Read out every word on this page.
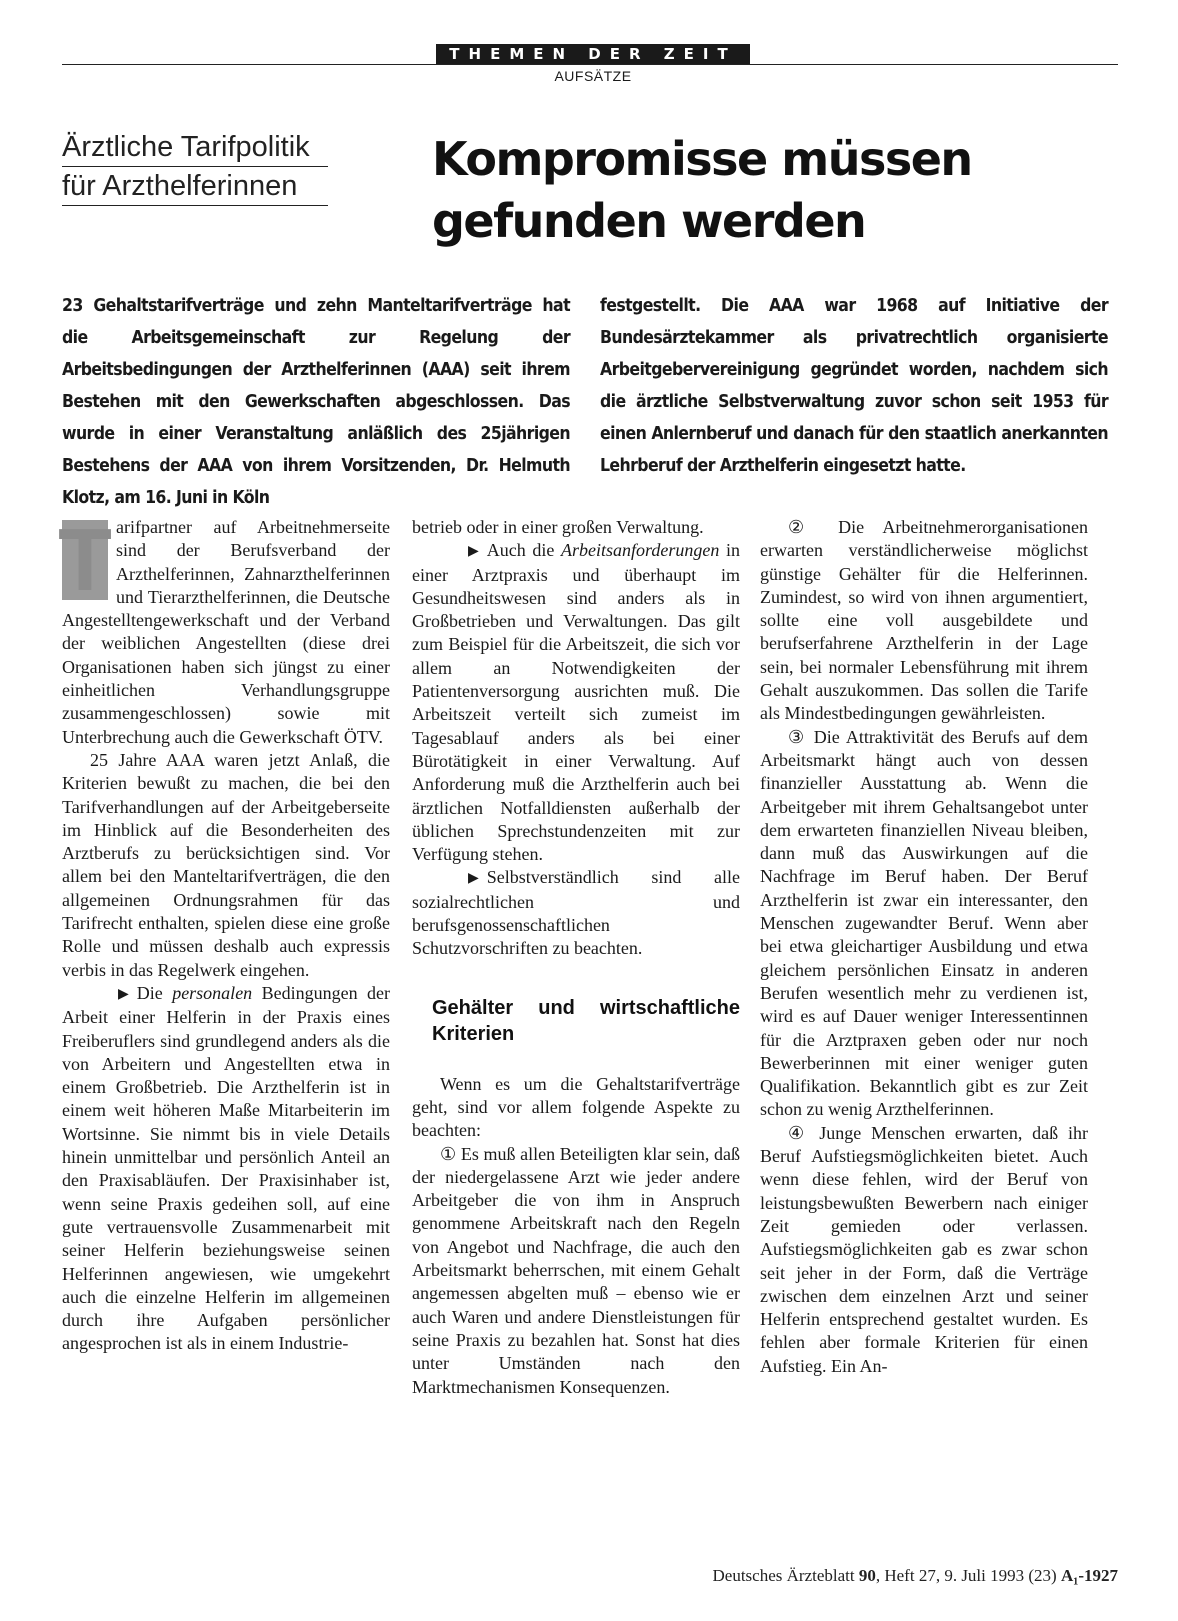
THEMEN DER ZEIT
AUFSÄTZE
Ärztliche Tarifpolitik
für Arzthelferinnen	Kompromisse müssen
gefunden werden

23 Gehaltstarifverträge und zehn Manteltarifverträge hat die Arbeitsgemeinschaft zur Regelung der Arbeitsbedingungen der Arzthelferinnen (AAA) seit ihrem Bestehen mit den Gewerkschaften abgeschlossen. Das wurde in einer Veranstaltung anläßlich des 25jährigen Bestehens der AAA von ihrem Vorsitzenden, Dr. Helmuth Klotz, am 16. Juni in Köln

festgestellt. Die AAA war 1968 auf Initiative der Bundesärztekammer als privatrechtlich organisierte Arbeitgebervereinigung gegründet worden, nachdem sich die ärztliche Selbstverwaltung zuvor schon seit 1953 für einen Anlernberuf und danach für den staatlich anerkannten Lehrberuf der Arzthelferin eingesetzt hatte.

T arifpartner auf Arbeitnehmerseite sind der Berufsverband der Arzthelferinnen, Zahnarzthelferinnen und Tierarzthelferinnen, die Deutsche Angestelltengewerkschaft und der Verband der weiblichen Angestellten (diese drei Organisationen haben sich jüngst zu einer einheitlichen Verhandlungsgruppe zusammengeschlossen) sowie mit Unterbrechung auch die Gewerkschaft ÖTV.

25 Jahre AAA waren jetzt Anlaß, die Kriterien bewußt zu machen, die bei den Tarifverhandlungen auf der Arbeitgeberseite im Hinblick auf die Besonderheiten des Arztberufs zu berücksichtigen sind. Vor allem bei den Manteltarifverträgen, die den allgemeinen Ordnungsrahmen für das Tarifrecht enthalten, spielen diese eine große Rolle und müssen deshalb auch expressis verbis in das Regelwerk eingehen.

▶ Die personalen Bedingungen der Arbeit einer Helferin in der Praxis eines Freiberuflers sind grundlegend anders als die von Arbeitern und Angestellten etwa in einem Großbetrieb. Die Arzthelferin ist in einem weit höheren Maße Mitarbeiterin im Wortsinne. Sie nimmt bis in viele Details hinein unmittelbar und persönlich Anteil an den Praxisabläufen. Der Praxisinhaber ist, wenn seine Praxis gedeihen soll, auf eine gute vertrauensvolle Zusammenarbeit mit seiner Helferin beziehungsweise seinen Helferinnen angewiesen, wie umgekehrt auch die einzelne Helferin im allgemeinen durch ihre Aufgaben persönlicher angesprochen ist als in einem Industrie-

betrieb oder in einer großen Verwaltung.

▶ Auch die Arbeitsanforderungen in einer Arztpraxis und überhaupt im Gesundheitswesen sind anders als in Großbetrieben und Verwaltungen. Das gilt zum Beispiel für die Arbeitszeit, die sich vor allem an Notwendigkeiten der Patientenversorgung ausrichten muß. Die Arbeitszeit verteilt sich zumeist im Tagesablauf anders als bei einer Bürotätigkeit in einer Verwaltung. Auf Anforderung muß die Arzthelferin auch bei ärztlichen Notfalldiensten außerhalb der üblichen Sprechstundenzeiten mit zur Verfügung stehen.

▶ Selbstverständlich sind alle sozialrechtlichen und berufsgenossenschaftlichen Schutzvorschriften zu beachten.

Gehälter und wirtschaftliche Kriterien

Wenn es um die Gehaltstarifverträge geht, sind vor allem folgende Aspekte zu beachten:

① Es muß allen Beteiligten klar sein, daß der niedergelassene Arzt wie jeder andere Arbeitgeber die von ihm in Anspruch genommene Arbeitskraft nach den Regeln von Angebot und Nachfrage, die auch den Arbeitsmarkt beherrschen, mit einem Gehalt angemessen abgelten muß – ebenso wie er auch Waren und andere Dienstleistungen für seine Praxis zu bezahlen hat. Sonst hat dies unter Umständen nach den Marktmechanismen Konsequenzen.

② Die Arbeitnehmerorganisationen erwarten verständlicherweise möglichst günstige Gehälter für die Helferinnen. Zumindest, so wird von ihnen argumentiert, sollte eine voll ausgebildete und berufserfahrene Arzthelferin in der Lage sein, bei normaler Lebensführung mit ihrem Gehalt auszukommen. Das sollen die Tarife als Mindestbedingungen gewährleisten.

③ Die Attraktivität des Berufs auf dem Arbeitsmarkt hängt auch von dessen finanzieller Ausstattung ab. Wenn die Arbeitgeber mit ihrem Gehaltsangebot unter dem erwarteten finanziellen Niveau bleiben, dann muß das Auswirkungen auf die Nachfrage im Beruf haben. Der Beruf Arzthelferin ist zwar ein interessanter, den Menschen zugewandter Beruf. Wenn aber bei etwa gleichartiger Ausbildung und etwa gleichem persönlichen Einsatz in anderen Berufen wesentlich mehr zu verdienen ist, wird es auf Dauer weniger Interessentinnen für die Arztpraxen geben oder nur noch Bewerberinnen mit einer weniger guten Qualifikation. Bekanntlich gibt es zur Zeit schon zu wenig Arzthelferinnen.

④ Junge Menschen erwarten, daß ihr Beruf Aufstiegsmöglichkeiten bietet. Auch wenn diese fehlen, wird der Beruf von leistungsbewußten Bewerbern nach einiger Zeit gemieden oder verlassen. Aufstiegsmöglichkeiten gab es zwar schon seit jeher in der Form, daß die Verträge zwischen dem einzelnen Arzt und seiner Helferin entsprechend gestaltet wurden. Es fehlen aber formale Kriterien für einen Aufstieg. Ein An-

Deutsches Ärzteblatt 90, Heft 27, 9. Juli 1993 (23) A₁-1927
